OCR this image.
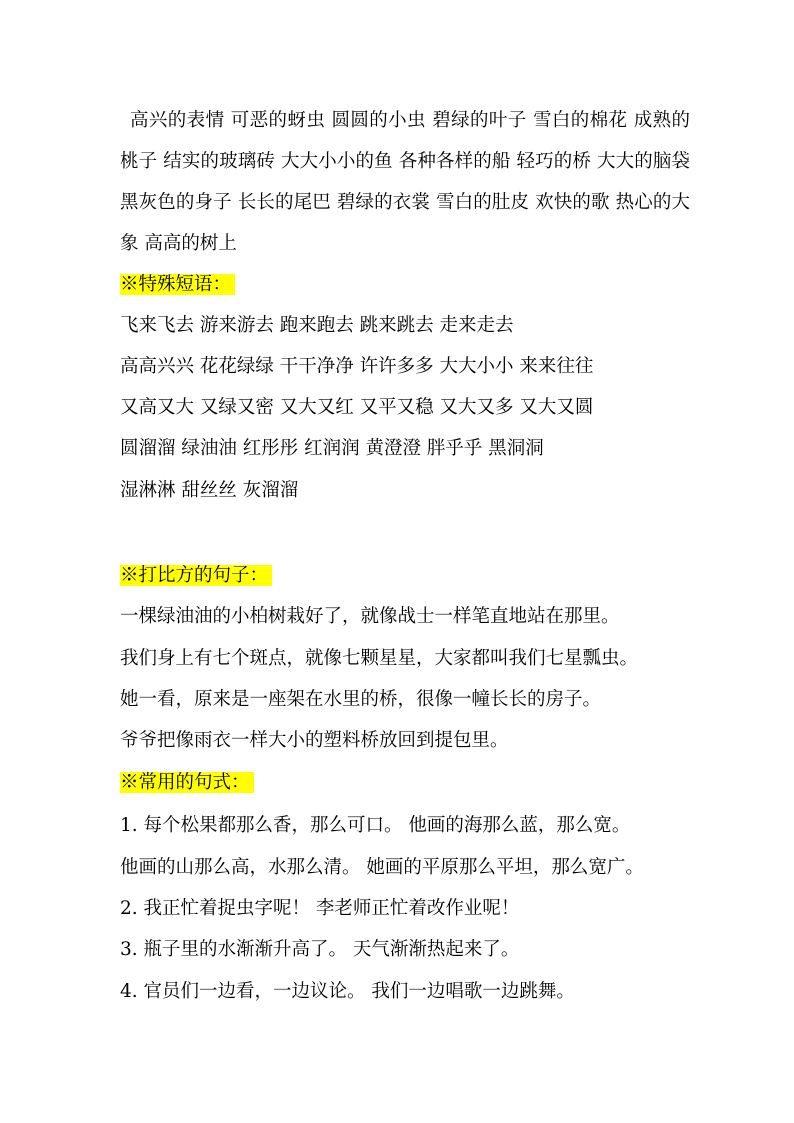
高兴的表情 可恶的蚜虫 圆圆的小虫 碧绿的叶子 雪白的棉花 成熟的桃子 结实的玻璃砖 大大小小的鱼 各种各样的船 轻巧的桥 大大的脑袋 黑灰色的身子 长长的尾巴 碧绿的衣裳 雪白的肚皮 欢快的歌 热心的大象 高高的树上
※特殊短语：
飞来飞去 游来游去 跑来跑去 跳来跳去 走来走去
高高兴兴 花花绿绿 干干净净 许许多多 大大小小 来来往往
又高又大 又绿又密 又大又红 又平又稳 又大又多 又大又圆
圆溜溜 绿油油 红彤彤 红润润 黄澄澄 胖乎乎 黑洞洞
湿淋淋 甜丝丝 灰溜溜
※打比方的句子：
一棵绿油油的小柏树栽好了，就像战士一样笔直地站在那里。
我们身上有七个斑点，就像七颗星星，大家都叫我们七星瓢虫。
她一看，原来是一座架在水里的桥，很像一幢长长的房子。
爷爷把像雨衣一样大小的塑料桥放回到提包里。
※常用的句式：
1. 每个松果都那么香，那么可口。 他画的海那么蓝，那么宽。
他画的山那么高，水那么清。 她画的平原那么平坦，那么宽广。
2. 我正忙着捉虫字呢！ 李老师正忙着改作业呢！
3. 瓶子里的水渐渐升高了。 天气渐渐热起来了。
4. 官员们一边看，一边议论。 我们一边唱歌一边跳舞。
